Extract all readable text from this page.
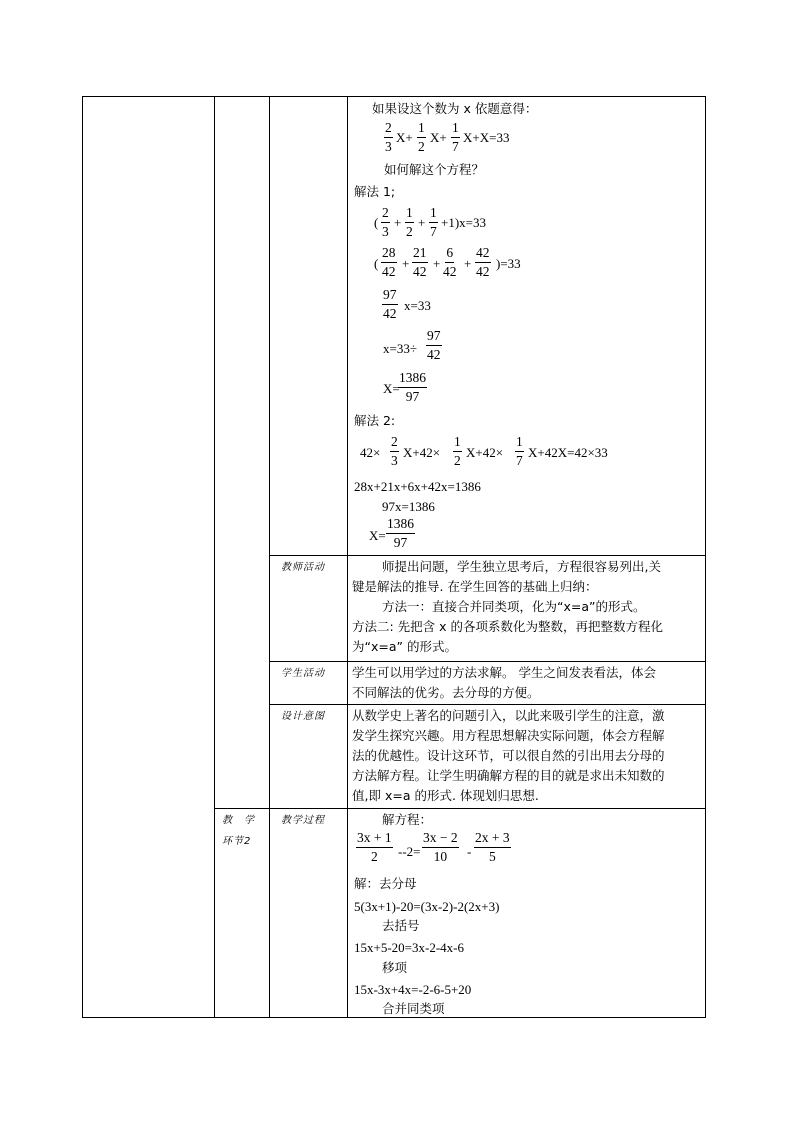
教师活动
学生活动
设计意图
教　学
环节2
教学过程
如果设这个数为 x 依题意得：
$\frac{2}{3} X+ \frac{1}{2} X+ \frac{1}{7} X+X=33$
如何解这个方程？
解法 1;
( $\frac{2}{3} + \frac{1}{2} + \frac{1}{7} +1)x=33$
( $\frac{28}{42} + \frac{21}{42} + \frac{6}{42} + \frac{42}{42} )=33$
$\frac{97}{42} x=33$
$x=33\div \frac{97}{42}$
X=
$\frac{1386}{97}$
解法 2:
$42\times \frac{2}{3} X+42\times \frac{1}{2} X+42\times \frac{1}{7} X+42X=42\times 33$
28x+21x+6x+42x=1386
97x=1386
$X= \frac{1386}{97}$
师提出问题，学生独立思考后，方程很容易列出,关
键是解法的推导. 在学生回答的基础上归纳：
方法一：直接合并同类项，化为“x=a”的形式。
方法二: 先把含 x 的各项系数化为整数，再把整数方程化
为“x=a” 的形式。
学生可以用学过的方法求解。 学生之间发表看法，体会
不同解法的优劣。去分母的方便。
从数学史上著名的问题引入，以此来吸引学生的注意，激
发学生探究兴趣。用方程思想解决实际问题，体会方程解
法的优越性。设计这环节，可以很自然的引出用去分母的
方法解方程。让学生明确解方程的目的就是求出未知数的
值,即 x=a 的形式. 体现划归思想.
解方程：
$\frac{3x + 1}{2} --2= \frac{3x - 2}{10} - \frac{2x + 3}{5}$
解：去分母
5(3x+1)-20=(3x-2)-2(2x+3)
去括号
15x+5-20=3x-2-4x-6
移项
15x-3x+4x=-2-6-5+20
合并同类项
